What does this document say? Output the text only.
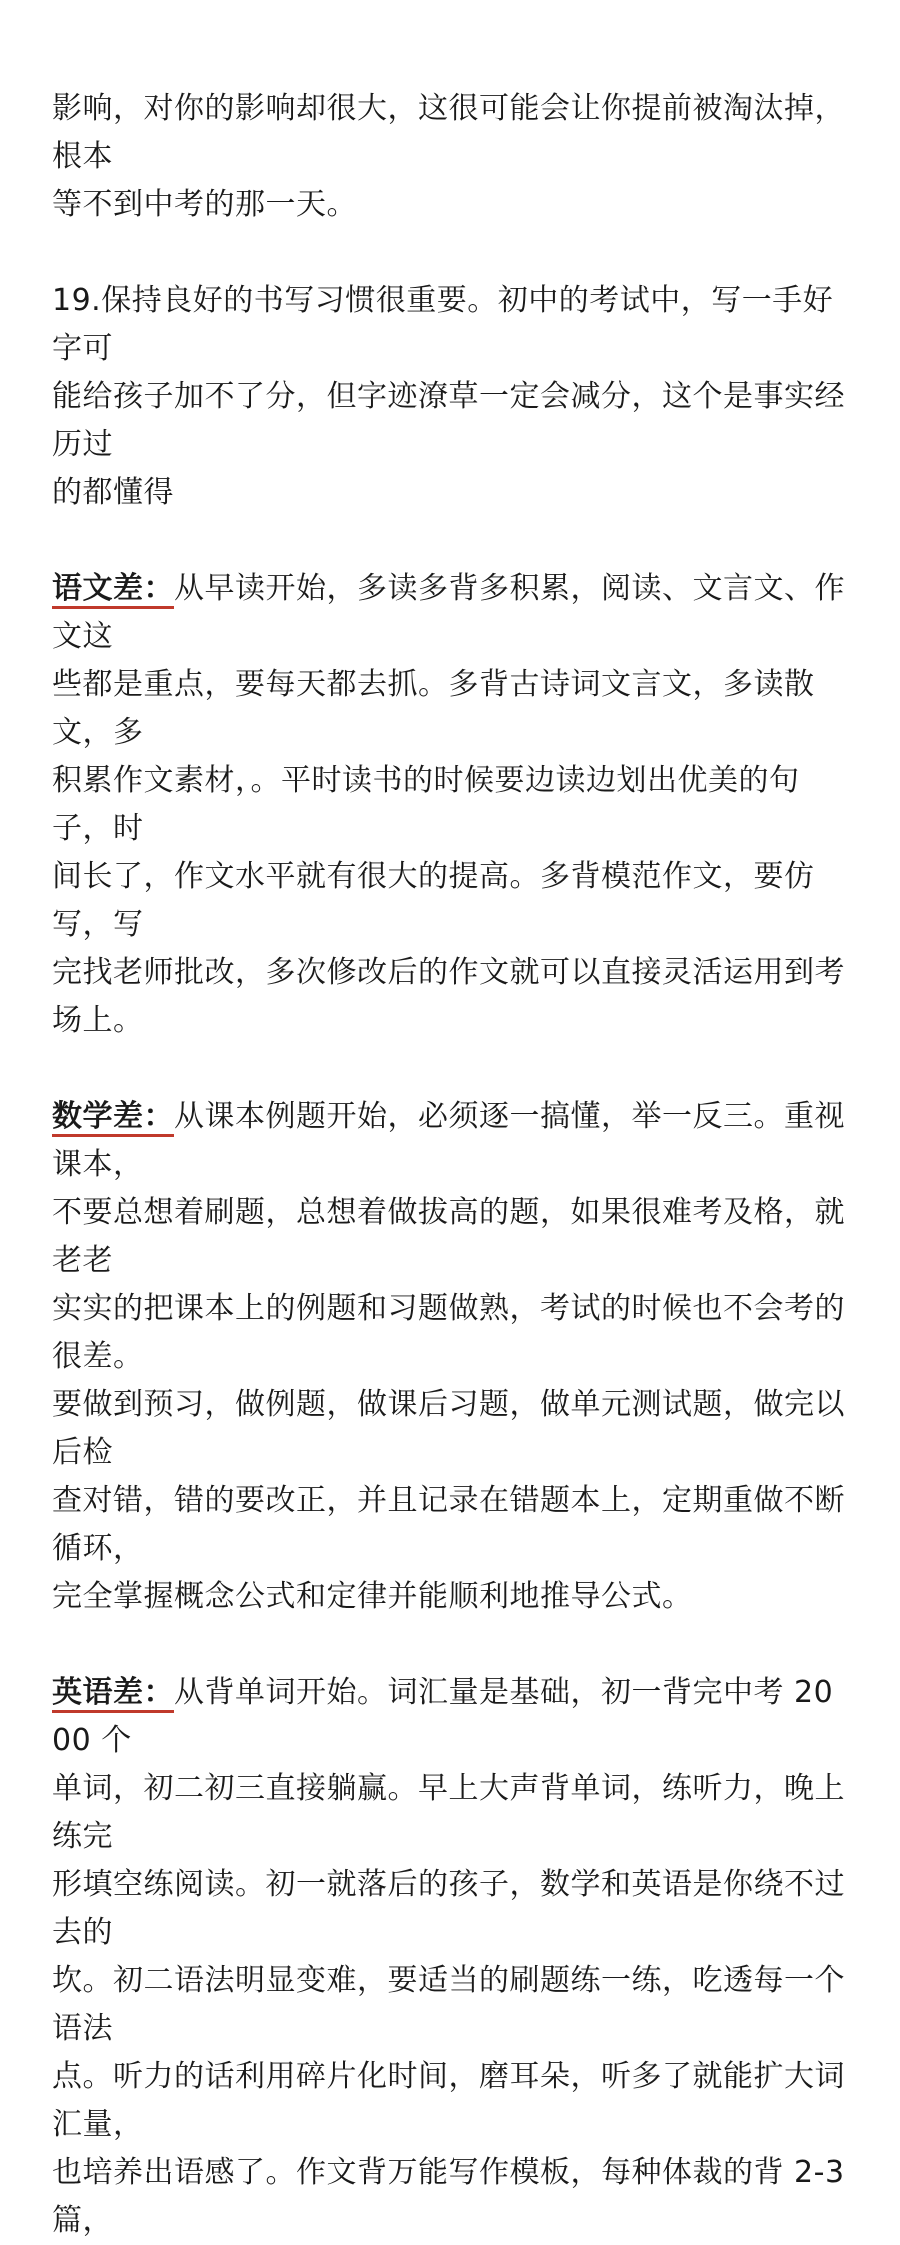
影响，对你的影响却很大，这很可能会让你提前被淘汰掉，根本
等不到中考的那一天。

19.保持良好的书写习惯很重要。初中的考试中，写一手好字可
能给孩子加不了分，但字迹潦草一定会减分，这个是事实经历过
的都懂得

语文差：从早读开始，多读多背多积累，阅读、文言文、作文这
些都是重点，要每天都去抓。多背古诗词文言文，多读散文，多
积累作文素材，。平时读书的时候要边读边划出优美的句子，时
间长了，作文水平就有很大的提高。多背模范作文，要仿写，写
完找老师批改，多次修改后的作文就可以直接灵活运用到考场上。

数学差：从课本例题开始，必须逐一搞懂，举一反三。重视课本，
不要总想着刷题，总想着做拔高的题，如果很难考及格，就老老
实实的把课本上的例题和习题做熟，考试的时候也不会考的很差。
要做到预习，做例题，做课后习题，做单元测试题，做完以后检
查对错，错的要改正，并且记录在错题本上，定期重做不断循环，
完全掌握概念公式和定律并能顺利地推导公式。

英语差：从背单词开始。词汇量是基础，初一背完中考 2000 个
单词，初二初三直接躺赢。早上大声背单词，练听力，晚上练完
形填空练阅读。初一就落后的孩子，数学和英语是你绕不过去的
坎。初二语法明显变难，要适当的刷题练一练，吃透每一个语法
点。听力的话利用碎片化时间，磨耳朵，听多了就能扩大词汇量，
也培养出语感了。作文背万能写作模板，每种体裁的背 2-3 篇，
